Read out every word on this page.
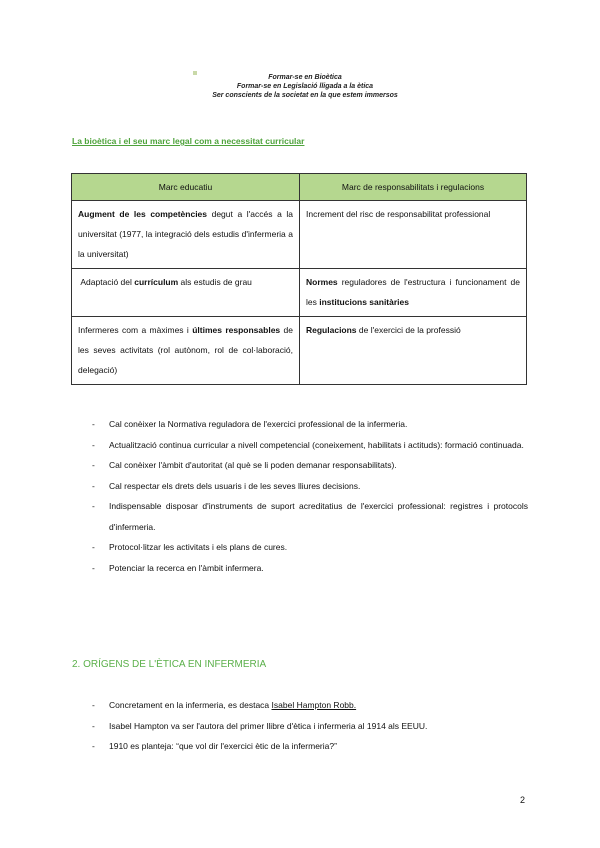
Formar-se en Bioètica
Formar-se en Legislació lligada a la ètica
Ser conscients de la societat en la que estem immersos
La bioètica i el seu marc legal com a necessitat curricular
Marc educatiu	Marc de responsabilitats i regulacions
Augment de les competències degut a l'accés a la universitat (1977, la integració dels estudis d'infermeria a la universitat)	Increment del risc de responsabilitat professional
Adaptació del currículum als estudis de grau	Normes reguladores de l'estructura i funcionament de les institucions sanitàries
Infermeres com a màximes i últimes responsables de les seves activitats (rol autònom, rol de col·laboració, delegació)	Regulacions de l'exercici de la professió
- Cal conèixer la Normativa reguladora de l'exercici professional de la infermeria.
- Actualització continua curricular a nivell competencial (coneixement, habilitats i actituds): formació continuada.
- Cal conèixer l'àmbit d'autoritat (al què se li poden demanar responsabilitats).
- Cal respectar els drets dels usuaris i de les seves lliures decisions.
- Indispensable disposar d'instruments de suport acreditatius de l'exercici professional: registres i protocols d'infermeria.
- Protocol·litzar les activitats i els plans de cures.
- Potenciar la recerca en l'àmbit infermera.
2. ORÍGENS DE L'ÈTICA EN INFERMERIA
- Concretament en la infermeria, es destaca Isabel Hampton Robb.
- Isabel Hampton va ser l'autora del primer llibre d'ètica i infermeria al 1914 als EEUU.
- 1910 es planteja: “que vol dir l'exercici ètic de la infermeria?”
2
